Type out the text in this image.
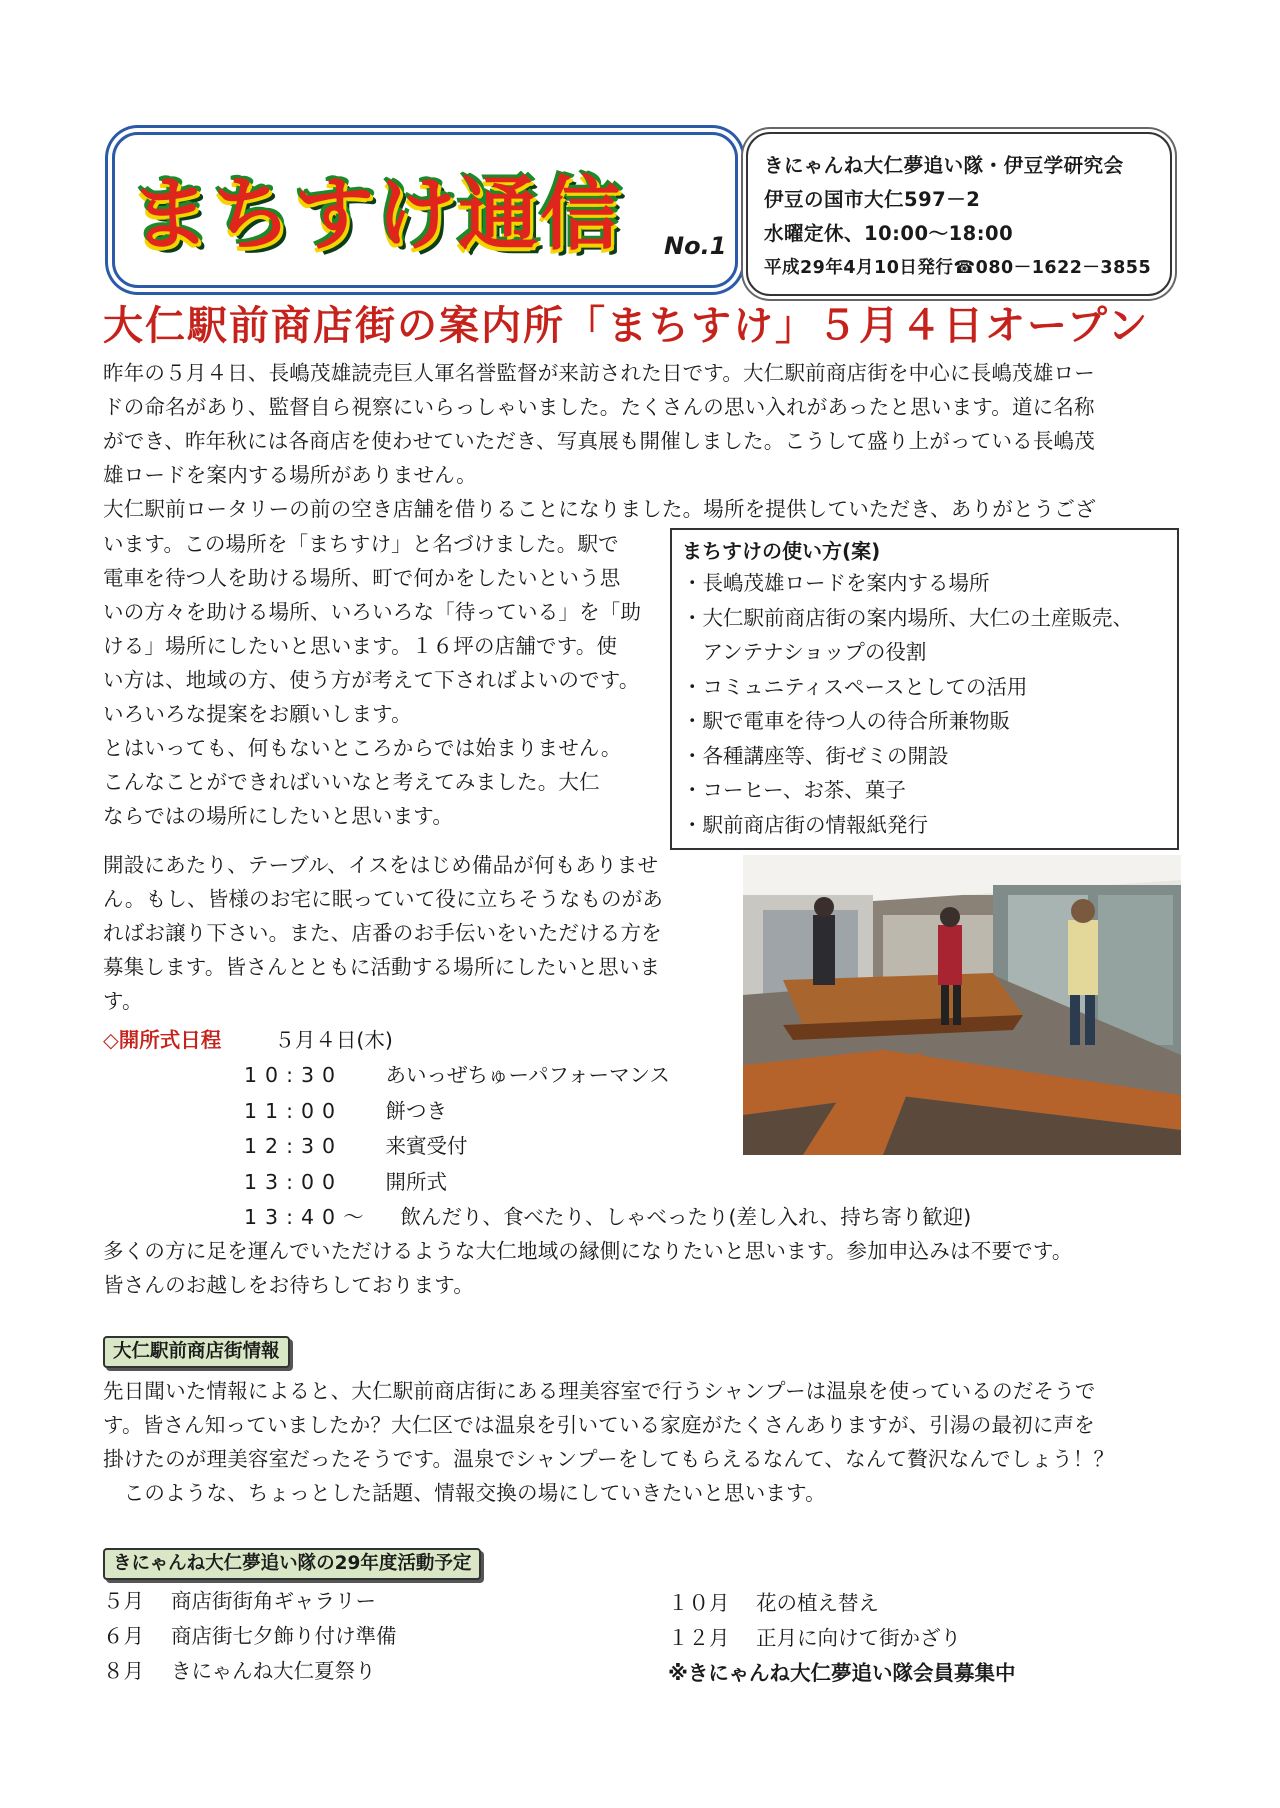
まちすけ通信 No.1
きにゃんね大仁夢追い隊・伊豆学研究会
伊豆の国市大仁597－2
水曜定休、10:00～18:00
平成29年4月10日発行☎080－1622－3855
大仁駅前商店街の案内所「まちすけ」５月４日オープン

昨年の５月４日、長嶋茂雄読売巨人軍名誉監督が来訪された日です。大仁駅前商店街を中心に長嶋茂雄ロー

ドの命名があり、監督自ら視察にいらっしゃいました。たくさんの思い入れがあったと思います。道に名称

ができ、昨年秋には各商店を使わせていただき、写真展も開催しました。こうして盛り上がっている長嶋茂

雄ロードを案内する場所がありません。

大仁駅前ロータリーの前の空き店舗を借りることになりました。場所を提供していただき、ありがとうござ

います。この場所を「まちすけ」と名づけました。駅で

電車を待つ人を助ける場所、町で何かをしたいという思

いの方々を助ける場所、いろいろな「待っている」を「助

ける」場所にしたいと思います。１６坪の店舗です。使

い方は、地域の方、使う方が考えて下さればよいのです。

いろいろな提案をお願いします。

とはいっても、何もないところからでは始まりません。

こんなことができればいいなと考えてみました。大仁

ならではの場所にしたいと思います。

まちすけの使い方(案)
・長嶋茂雄ロードを案内する場所
・大仁駅前商店街の案内場所、大仁の土産販売、
　アンテナショップの役割
・コミュニティスペースとしての活用
・駅で電車を待つ人の待合所兼物販
・各種講座等、街ゼミの開設
・コーヒー、お茶、菓子
・駅前商店街の情報紙発行

開設にあたり、テーブル、イスをはじめ備品が何もありませ

ん。もし、皆様のお宅に眠っていて役に立ちそうなものがあ

ればお譲り下さい。また、店番のお手伝いをいただける方を

募集します。皆さんとともに活動する場所にしたいと思いま

す。

◇開所式日程	５月４日(木)
10:30 あいっぜちゅーパフォーマンス
11:00 餅つき
12:30 来賓受付
13:00 開所式
13:40～ 飲んだり、食べたり、しゃべったり(差し入れ、持ち寄り歓迎)

多くの方に足を運んでいただけるような大仁地域の縁側になりたいと思います。参加申込みは不要です。

皆さんのお越しをお待ちしております。

大仁駅前商店街情報

先日聞いた情報によると、大仁駅前商店街にある理美容室で行うシャンプーは温泉を使っているのだそうで

す。皆さん知っていましたか？大仁区では温泉を引いている家庭がたくさんありますが、引湯の最初に声を

掛けたのが理美容室だったそうです。温泉でシャンプーをしてもらえるなんて、なんて贅沢なんでしょう！？

　このような、ちょっとした話題、情報交換の場にしていきたいと思います。

きにゃんね大仁夢追い隊の29年度活動予定
５月 商店街街角ギャラリー
６月 商店街七夕飾り付け準備
８月 きにゃんね大仁夏祭り
１０月 花の植え替え
１２月 正月に向けて街かざり
※きにゃんね大仁夢追い隊会員募集中
